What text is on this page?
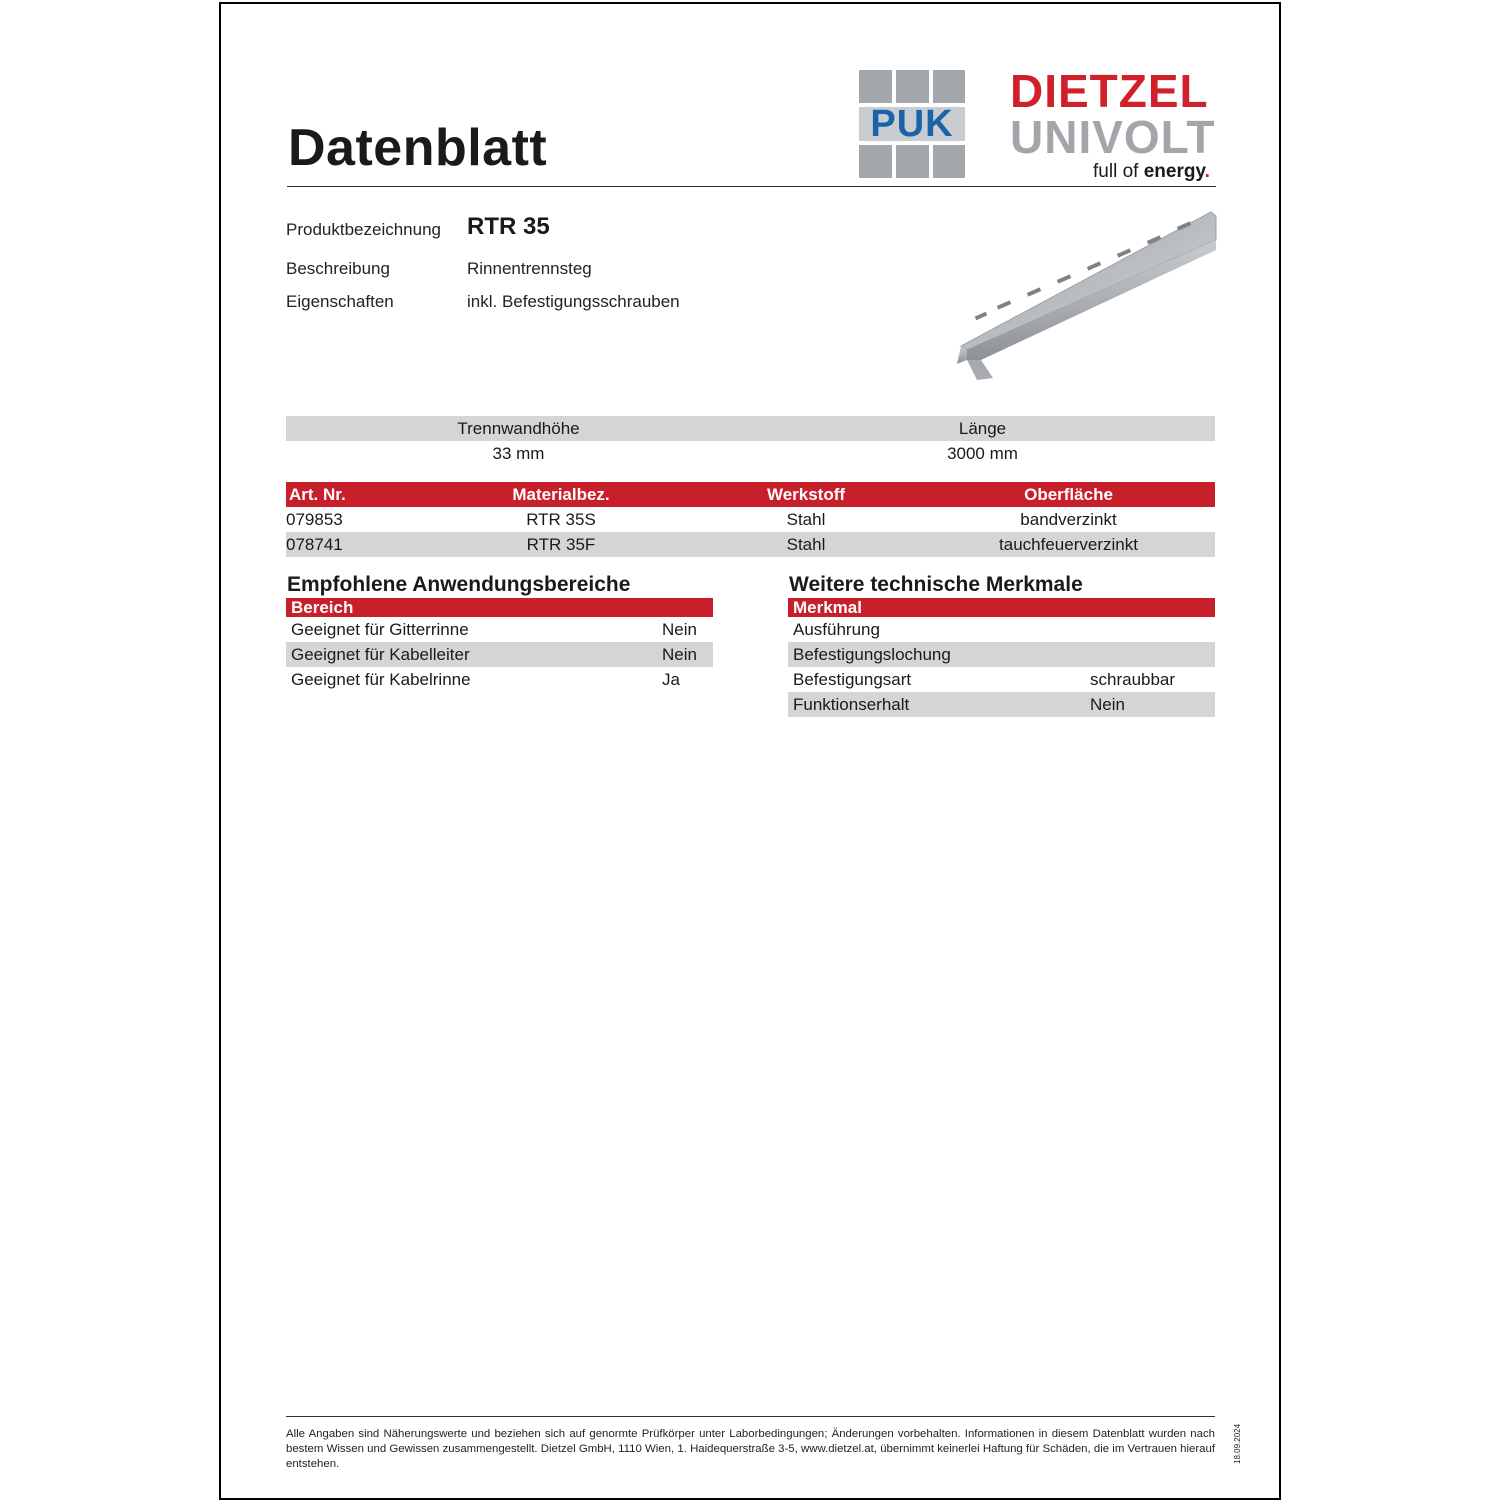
Datenblatt	PUK
DIETZEL
UNIVOLT
full of energy.
Produktbezeichnung RTR 35
Beschreibung	Rinnentrennsteg
Eigenschaften	inkl. Befestigungsschrauben
Trennwandhöhe	Länge
33 mm	3000 mm
Art. Nr.	Materialbez.	Werkstoff	Oberfläche
079853	RTR 35S	Stahl	bandverzinkt
078741	RTR 35F	Stahl	tauchfeuerverzinkt
Empfohlene Anwendungsbereiche
Bereich
Geeignet für Gitterrinne	Nein
Geeignet für Kabelleiter	Nein
Geeignet für Kabelrinne	Ja
Weitere technische Merkmale
Merkmal
Ausführung
Befestigungslochung
Befestigungsart	schraubbar
Funktionserhalt	Nein
Alle Angaben sind Näherungswerte und beziehen sich auf genormte Prüfkörper unter Laborbedingungen; Änderungen vorbehalten. Informationen in diesem Datenblatt wurden nach bestem Wissen und Gewissen zusammengestellt. Dietzel GmbH, 1110 Wien, 1. Haidequerstraße 3-5, www.dietzel.at, übernimmt keinerlei Haftung für Schäden, die im Vertrauen hierauf entstehen.	18.09.2024
